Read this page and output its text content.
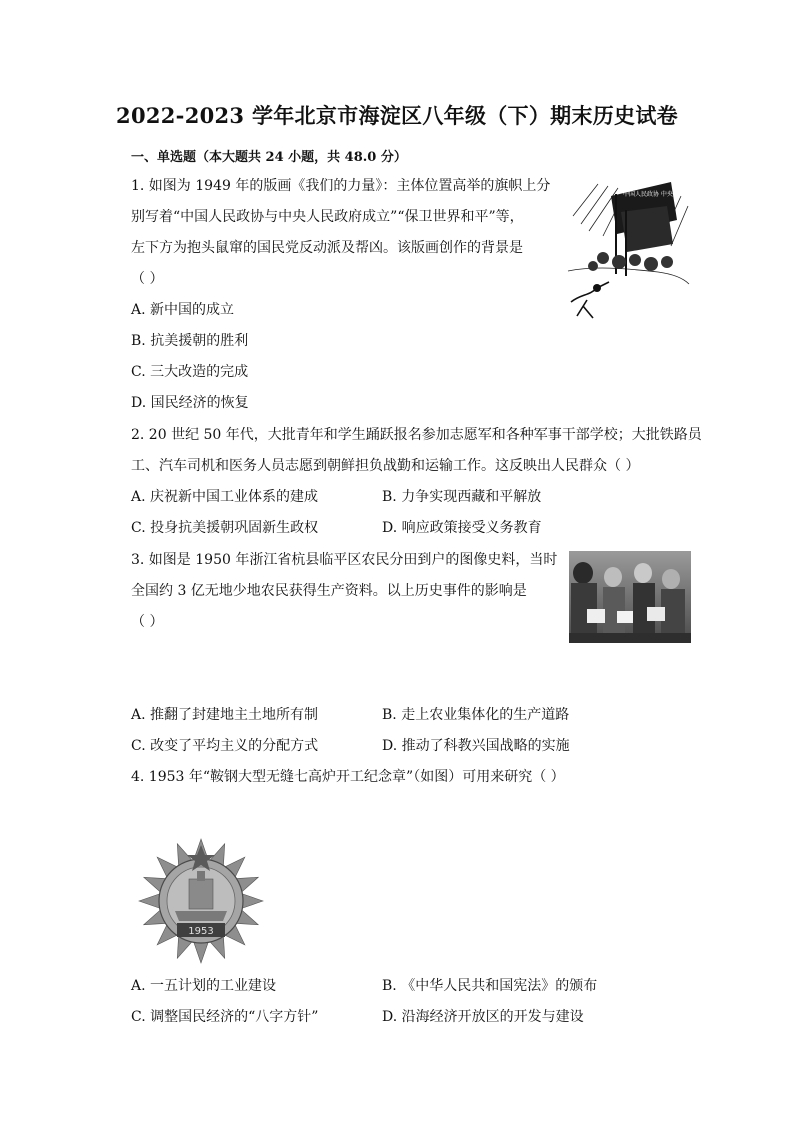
2022-2023 学年北京市海淀区八年级（下）期末历史试卷
一、单选题（本大题共 24 小题，共 48.0 分）
1. 如图为 1949 年的版画《我们的力量》：主体位置高举的旗帜上分
别写着“中国人民政协与中央人民政府成立”“保卫世界和平”等，
左下方为抱头鼠窜的国民党反动派及帮凶。该版画创作的背景是
（ ）
A. 新中国的成立
B. 抗美援朝的胜利
C. 三大改造的完成
D. 国民经济的恢复
中国人民政协 中央人民政府成立
2. 20 世纪 50 年代，大批青年和学生踊跃报名参加志愿军和各种军事干部学校；大批铁路员
工、汽车司机和医务人员志愿到朝鲜担负战勤和运输工作。这反映出人民群众（ ）
A. 庆祝新中国工业体系的建成	B. 力争实现西藏和平解放
C. 投身抗美援朝巩固新生政权	D. 响应政策接受义务教育
3. 如图是 1950 年浙江省杭县临平区农民分田到户的图像史料，当时
全国约 3 亿无地少地农民获得生产资料。以上历史事件的影响是
（ ）
A. 推翻了封建地主土地所有制	B. 走上农业集体化的生产道路
C. 改变了平均主义的分配方式	D. 推动了科教兴国战略的实施
4. 1953 年“鞍钢大型无缝七高炉开工纪念章”（如图）可用来研究（ ）
1953
A. 一五计划的工业建设	B. 《中华人民共和国宪法》的颁布
C. 调整国民经济的“八字方针”	D. 沿海经济开放区的开发与建设
